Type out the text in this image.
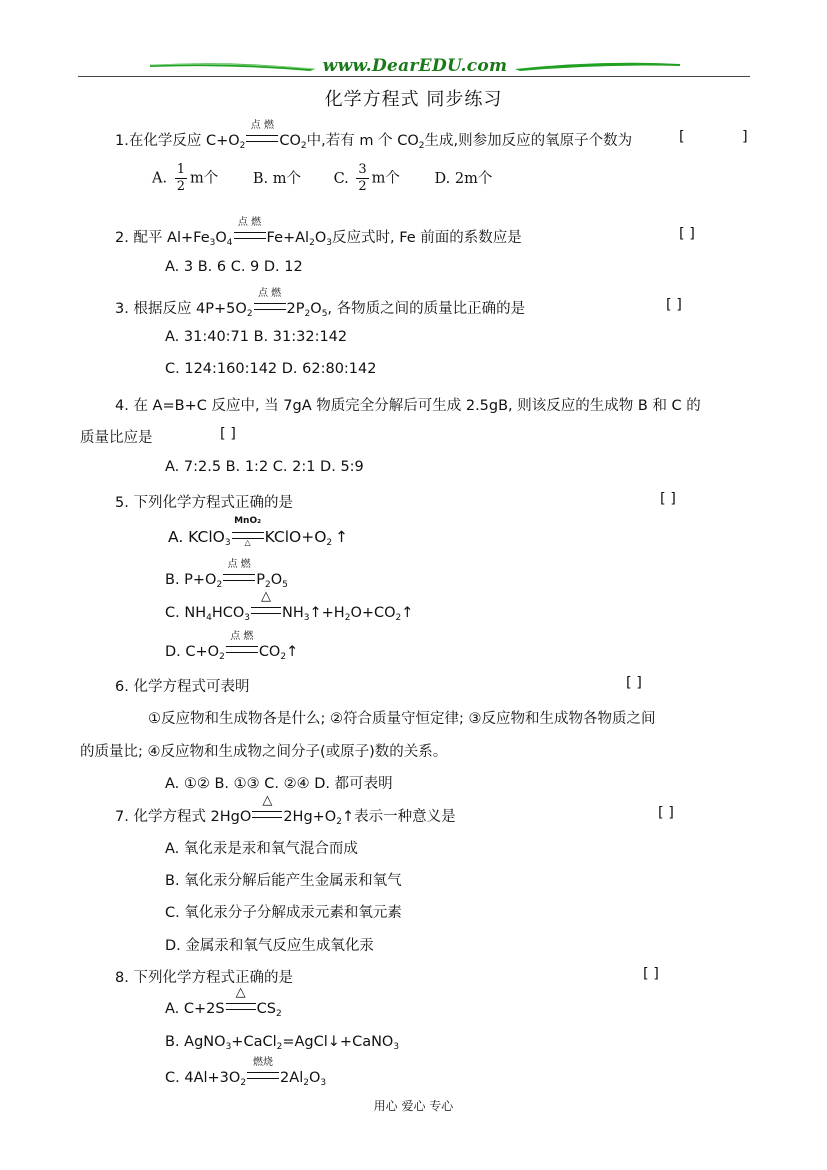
www.DearEDU.com
化学方程式 同步练习
1.在化学反应 $C+O_2$
点 燃
$CO_2$中,若有 m 个 $CO_2$生成,则参加反应的氧原子个数为	[	]
A. $\frac{1}{2}$ m个 B. m个 C. $\frac{3}{2}$ m个 D. 2m个
2. 配平 $Al+Fe_3O_4$
点 燃
$Fe+Al_2O_3$反应式时, Fe 前面的系数应是	[ ]
A. 3 B. 6 C. 9 D. 12
3. 根据反应 $4P+5O_2$
点 燃
$2P_2O_5$, 各物质之间的质量比正确的是	[ ]
A. 31:40:71 B. 31:32:142
C. 124:160:142 D. 62:80:142
4. 在 A=B+C 反应中, 当 7gA 物质完全分解后可生成 2.5gB, 则该反应的生成物 B 和 C 的
质量比应是	[ ]
A. 7:2.5 B. 1:2 C. 2:1 D. 5:9
5. 下列化学方程式正确的是	[ ]
A. KClO$_3$
MnO₂
△ $KClO+O_2$ ↑
B. $P+O_2$
点 燃
$P_2O_5$
C. $NH_4HCO_3$
△
$NH_3↑+H_2O+CO_2↑$
D. $C+O_2$
点 燃
$CO_2↑$
6. 化学方程式可表明	[ ]
①反应物和生成物各是什么; ②符合质量守恒定律; ③反应物和生成物各物质之间
的质量比; ④反应物和生成物之间分子(或原子)数的关系。
A. ①② B. ①③ C. ②④ D. 都可表明
7. 化学方程式 2HgO
△
$2Hg+O_2↑$表示一种意义是	[ ]
A. 氧化汞是汞和氧气混合而成
B. 氧化汞分解后能产生金属汞和氧气
C. 氧化汞分子分解成汞元素和氧元素
D. 金属汞和氧气反应生成氧化汞
8. 下列化学方程式正确的是	[ ]
A. C+2S
△
$CS_2$
B. AgNO$_3$+CaCl$_2$=AgCl↓+CaNO$_3$
C. $4Al+3O_2$
燃烧
$2Al_2O_3$
用心 爱心 专心
